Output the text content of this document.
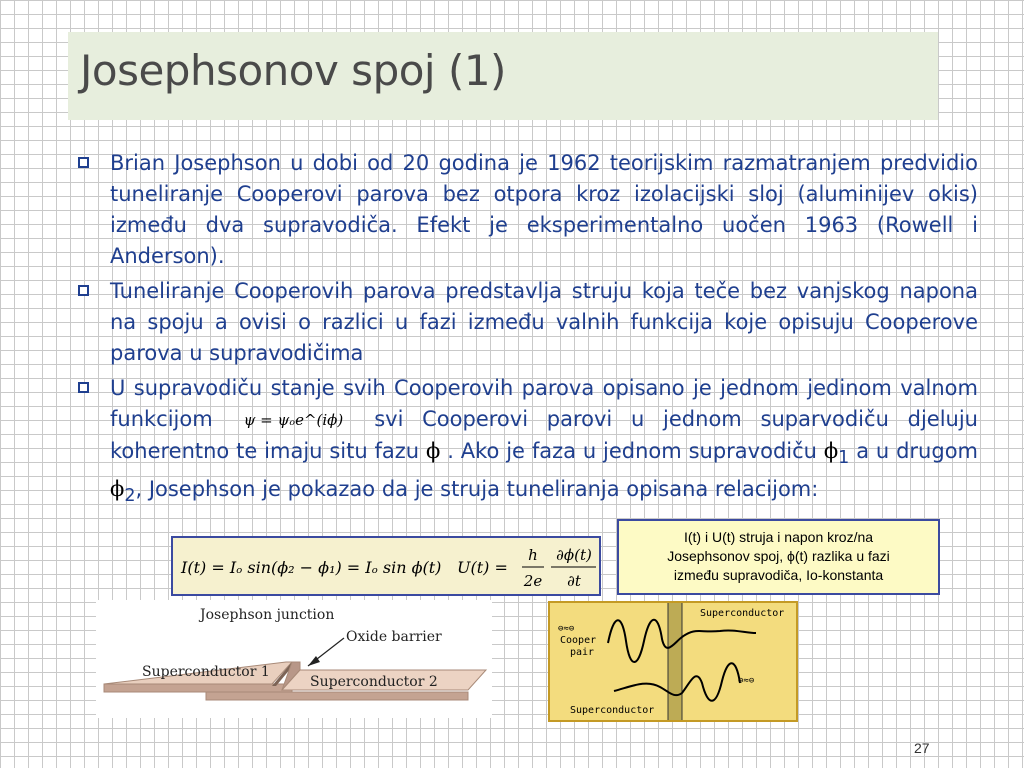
Josephsonov spoj (1)
Brian Josephson u dobi od 20 godina je 1962 teorijskim razmatranjem predvidio tuneliranje Cooperovi parova bez otpora kroz izolacijski sloj (aluminijev okis) između dva supravodiča. Efekt je eksperimentalno uočen 1963 (Rowell i Anderson).
Tuneliranje Cooperovih parova predstavlja struju koja teče bez vanjskog napona na spoju a ovisi o razlici u fazi između valnih funkcija koje opisuju Cooperove parova u supravodičima
U supravodiču stanje svih Cooperovih parova opisano je jednom jedinom valnom funkcijom ψ = ψₒe^(iϕ) svi Cooperovi parovi u jednom suparvodiču djeluju koherentno te imaju situ fazu ϕ . Ako je faza u jednom supravodiču $\phi_1$ a u drugom $\phi_2$, Josephson je pokazao da je struja tuneliranja opisana relacijom:
I(t) = Iₒ sin(ϕ₂ − ϕ₁) = Iₒ sin ϕ(t) U(t) =
h
2e
∂ϕ(t)
∂t
I(t) i U(t) struja i napon kroz/na
Josephsonov spoj, ϕ(t) razlika u fazi
između supravodiča, Io-konstanta
Josephson junction
Oxide barrier
Superconductor 1
Superconductor 2
Superconductor
Superconductor
⊖≈⊖
Cooper
pair
⊖≈⊖
27
